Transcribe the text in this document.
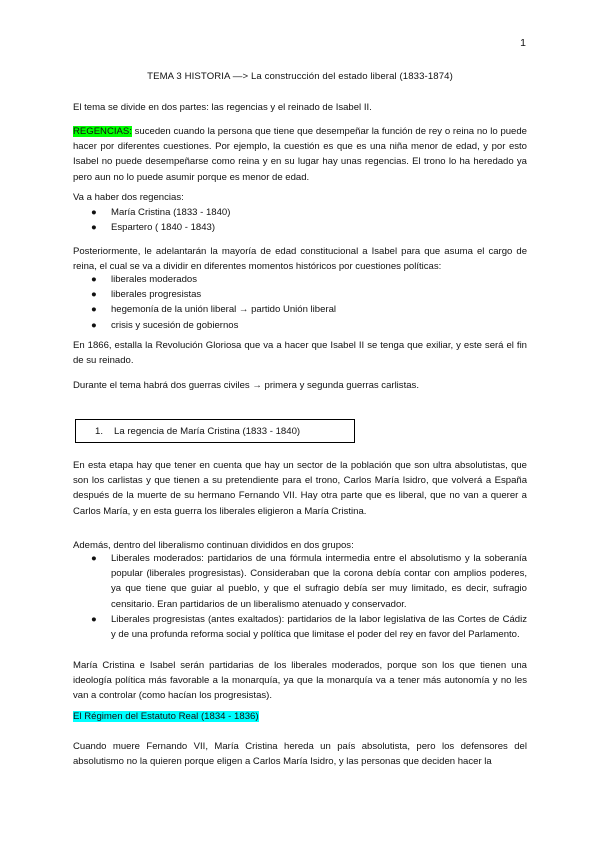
1
TEMA 3 HISTORIA —> La construcción del estado liberal (1833-1874)

El tema se divide en dos partes: las regencias y el reinado de Isabel II.

REGENCIAS: suceden cuando la persona que tiene que desempeñar la función de rey o reina no lo puede hacer por diferentes cuestiones. Por ejemplo, la cuestión es que es una niña menor de edad, y por esto Isabel no puede desempeñarse como reina y en su lugar hay unas regencias. El trono lo ha heredado ya pero aun no lo puede asumir porque es menor de edad.

Va a haber dos regencias:

● María Cristina (1833 - 1840)
● Espartero ( 1840 - 1843)

Posteriormente, le adelantarán la mayoría de edad constitucional a Isabel para que asuma el cargo de reina, el cual se va a dividir en diferentes momentos históricos por cuestiones políticas:

● liberales moderados
● liberales progresistas
● hegemonía de la unión liberal → partido Unión liberal
● crisis y sucesión de gobiernos

En 1866, estalla la Revolución Gloriosa que va a hacer que Isabel II se tenga que exiliar, y este será el fin de su reinado.

Durante el tema habrá dos guerras civiles → primera y segunda guerras carlistas.

1. La regencia de María Cristina (1833 - 1840)

En esta etapa hay que tener en cuenta que hay un sector de la población que son ultra absolutistas, que son los carlistas y que tienen a su pretendiente para el trono, Carlos María Isidro, que volverá a España después de la muerte de su hermano Fernando VII. Hay otra parte que es liberal, que no van a querer a Carlos María, y en esta guerra los liberales eligieron a María Cristina.

Además, dentro del liberalismo continuan divididos en dos grupos:

● Liberales moderados: partidarios de una fórmula intermedia entre el absolutismo y la soberanía popular (liberales progresistas). Consideraban que la corona debía contar con amplios poderes, ya que tiene que guiar al pueblo, y que el sufragio debía ser muy limitado, es decir, sufragio censitario. Eran partidarios de un liberalismo atenuado y conservador.
● Liberales progresistas (antes exaltados): partidarios de la labor legislativa de las Cortes de Cádiz y de una profunda reforma social y política que limitase el poder del rey en favor del Parlamento.

María Cristina e Isabel serán partidarias de los liberales moderados, porque son los que tienen una ideología política más favorable a la monarquía, ya que la monarquía va a tener más autonomía y no les van a controlar (como hacían los progresistas).

El Régimen del Estatuto Real (1834 - 1836)

Cuando muere Fernando VII, María Cristina hereda un país absolutista, pero los defensores del absolutismo no la quieren porque eligen a Carlos María Isidro, y las personas que deciden hacer la
